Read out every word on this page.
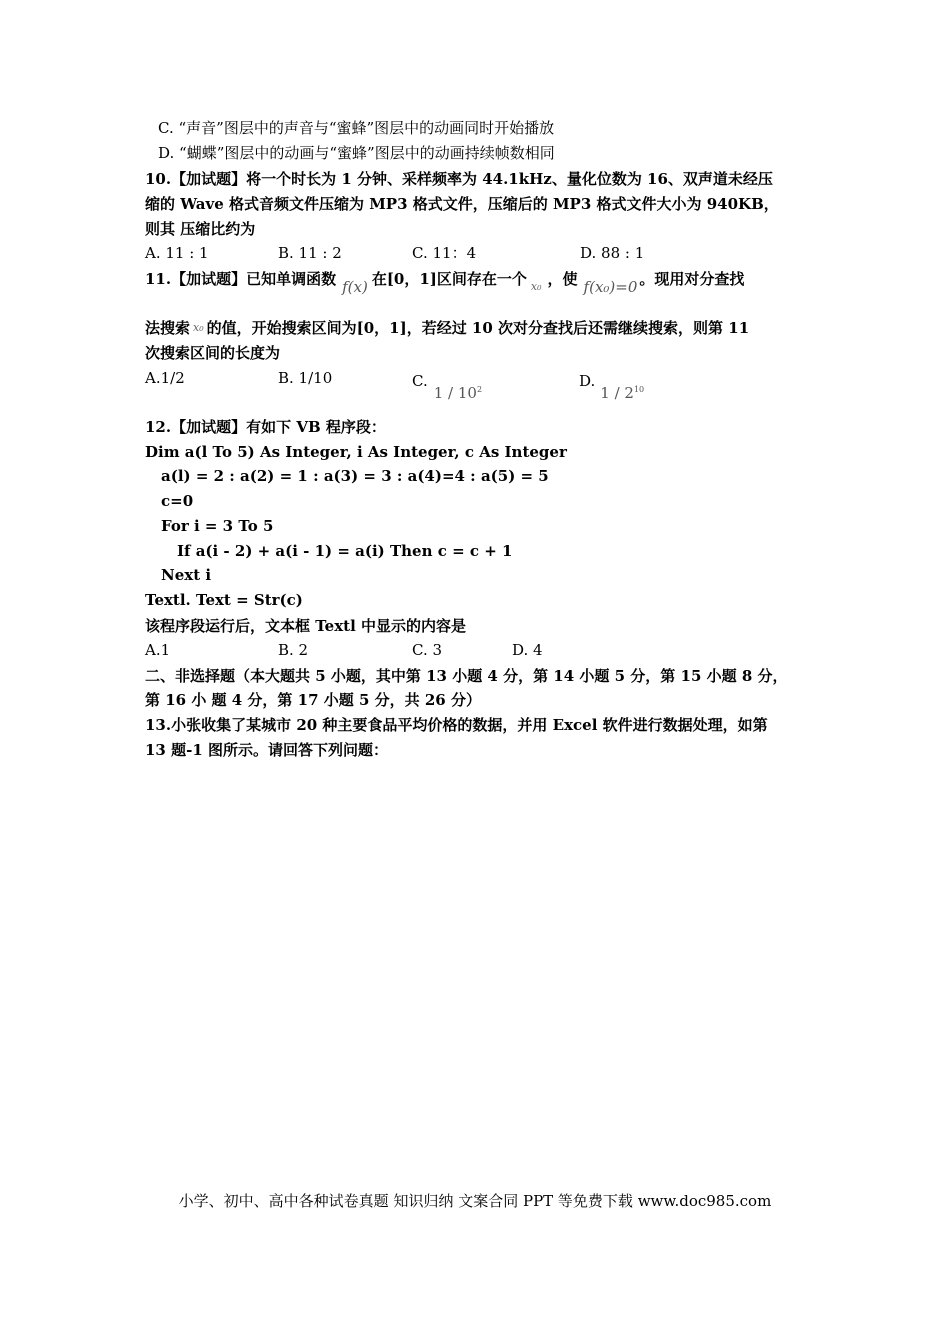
C. “声音”图层中的声音与“蜜蜂”图层中的动画同时开始播放
D. “蝴蝶”图层中的动画与“蜜蜂”图层中的动画持续帧数相同
10.【加试题】将一个时长为 1 分钟、采样频率为 44.1kHz、量化位数为 16、双声道未经压
缩的 Wave 格式音频文件压缩为 MP3 格式文件，压缩后的 MP3 格式文件大小为 940KB，
则其 压缩比约为
A. 11 : 1	B. 11 : 2	C. 11：4	D. 88 : 1
11.【加试题】已知单调函数 f(x) 在[0，1]区间存在一个 x₀ ，使 f(x₀)=0 。现用对分查找
法搜索 x₀ 的值，开始搜索区间为[0，1]，若经过 10 次对分查找后还需继续搜索，则第 11
次搜索区间的长度为
A.1/2	B. 1/10	$C.1 / 10^2$	$D.1 / 2^{10}$
12.【加试题】有如下 VB 程序段：
Dim a(l To 5) As Integer, i As Integer, c As Integer
a(l) = 2 : a(2) = 1 : a(3) = 3 : a(4)=4 : a(5) = 5
c=0
For i = 3 To 5
If a(i - 2) + a(i - 1) = a(i) Then c = c + 1
Next i
Textl. Text = Str(c)
该程序段运行后，文本框 Textl 中显示的内容是
A.1	B. 2	C. 3	D. 4
二、非选择题（本大题共 5 小题，其中第 13 小题 4 分，第 14 小题 5 分，第 15 小题 8 分，
第 16 小 题 4 分，第 17 小题 5 分，共 26 分）
13.小张收集了某城市 20 种主要食品平均价格的数据，并用 Excel 软件进行数据处理，如第
13 题-1 图所示。请回答下列问题：
小学、初中、高中各种试卷真题 知识归纳 文案合同 PPT 等免费下载 www.doc985.com
